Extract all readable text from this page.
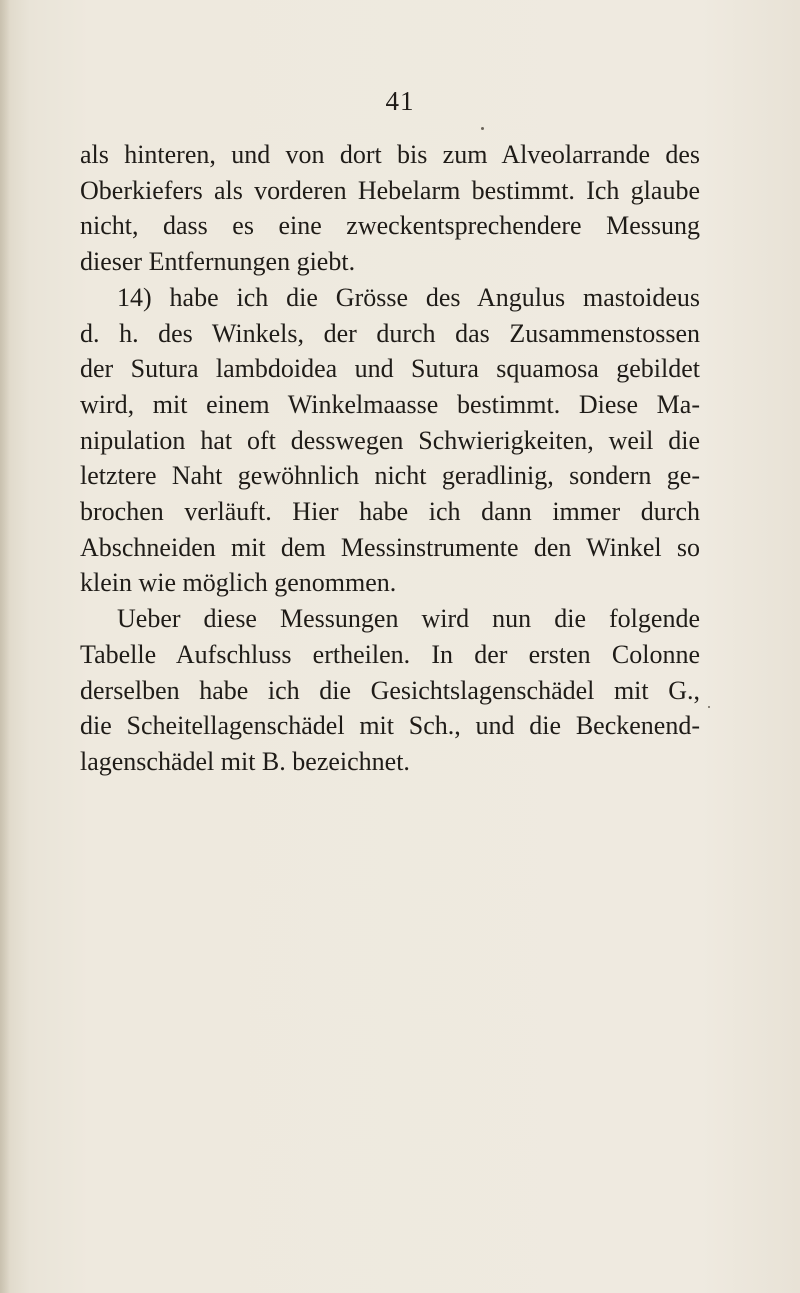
41
als hinteren, und von dort bis zum Alveolarrande des
Oberkiefers als vorderen Hebelarm bestimmt. Ich glaube
nicht, dass es eine zweckentsprechendere Messung
dieser Entfernungen giebt.
14) habe ich die Grösse des Angulus mastoideus
d. h. des Winkels, der durch das Zusammenstossen
der Sutura lambdoidea und Sutura squamosa gebildet
wird, mit einem Winkelmaasse bestimmt. Diese Ma-
nipulation hat oft desswegen Schwierigkeiten, weil die
letztere Naht gewöhnlich nicht geradlinig, sondern ge-
brochen verläuft. Hier habe ich dann immer durch
Abschneiden mit dem Messinstrumente den Winkel so
klein wie möglich genommen.
Ueber diese Messungen wird nun die folgende
Tabelle Aufschluss ertheilen. In der ersten Colonne
derselben habe ich die Gesichtslagenschädel mit G.,
die Scheitellagenschädel mit Sch., und die Beckenend-
lagenschädel mit B. bezeichnet.
